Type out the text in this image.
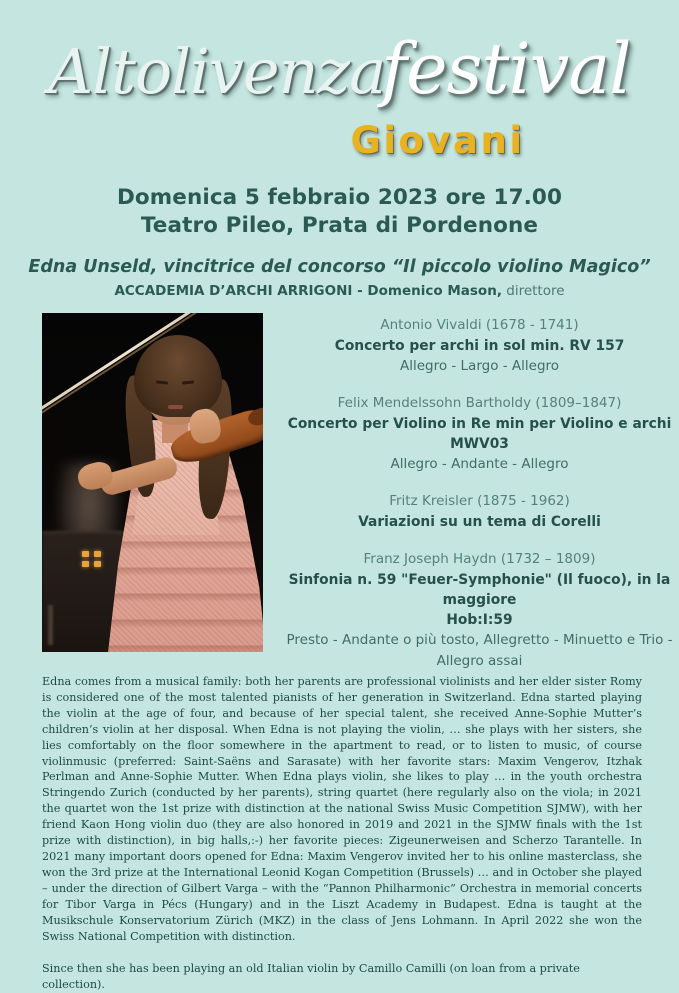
Altolivenzafestival
Giovani
Domenica 5 febbraio 2023 ore 17.00
Teatro Pileo, Prata di Pordenone
Edna Unseld, vincitrice del concorso “Il piccolo violino Magico”
ACCADEMIA D’ARCHI ARRIGONI - Domenico Mason, direttore
Antonio Vivaldi (1678 - 1741)
Concerto per archi in sol min. RV 157
Allegro - Largo - Allegro
Felix Mendelssohn Bartholdy (1809–1847)
Concerto per Violino in Re min per Violino e archi MWV03
Allegro - Andante - Allegro
Fritz Kreisler (1875 - 1962)
Variazioni su un tema di Corelli
Franz Joseph Haydn (1732 – 1809)
Sinfonia n. 59 "Feuer-Symphonie" (Il fuoco), in la maggiore
Hob:I:59
Presto - Andante o più tosto, Allegretto - Minuetto e Trio - Allegro assai

Edna comes from a musical family: both her parents are professional violinists and her elder sister Romy is considered one of the most talented pianists of her generation in Switzerland. Edna started playing the violin at the age of four, and because of her special talent, she received Anne-Sophie Mutter’s children’s violin at her disposal. When Edna is not playing the violin, … she plays with her sisters, she lies comfortably on the floor somewhere in the apartment to read, or to listen to music, of course violinmusic (preferred: Saint-Saëns and Sarasate) with her favorite stars: Maxim Vengerov, Itzhak Perlman and Anne-Sophie Mutter. When Edna plays violin, she likes to play … in the youth orchestra Stringendo Zurich (conducted by her parents), string quartet (here regularly also on the viola; in 2021 the quartet won the 1st prize with distinction at the national Swiss Music Competition SJMW), with her friend Kaon Hong violin duo (they are also honored in 2019 and 2021 in the SJMW finals with the 1st prize with distinction), in big halls,:-) her favorite pieces: Zigeunerweisen and Scherzo Tarantelle. In 2021 many important doors opened for Edna: Maxim Vengerov invited her to his online masterclass, she won the 3rd prize at the International Leonid Kogan Competition (Brussels) … and in October she played – under the direction of Gilbert Varga – with the “Pannon Philharmonic” Orchestra in memorial concerts for Tibor Varga in Pécs (Hungary) and in the Liszt Academy in Budapest. Edna is taught at the Musikschule Konservatorium Zürich (MKZ) in the class of Jens Lohmann. In April 2022 she won the Swiss National Competition with distinction.

Since then she has been playing an old Italian violin by Camillo Camilli (on loan from a private collection).
